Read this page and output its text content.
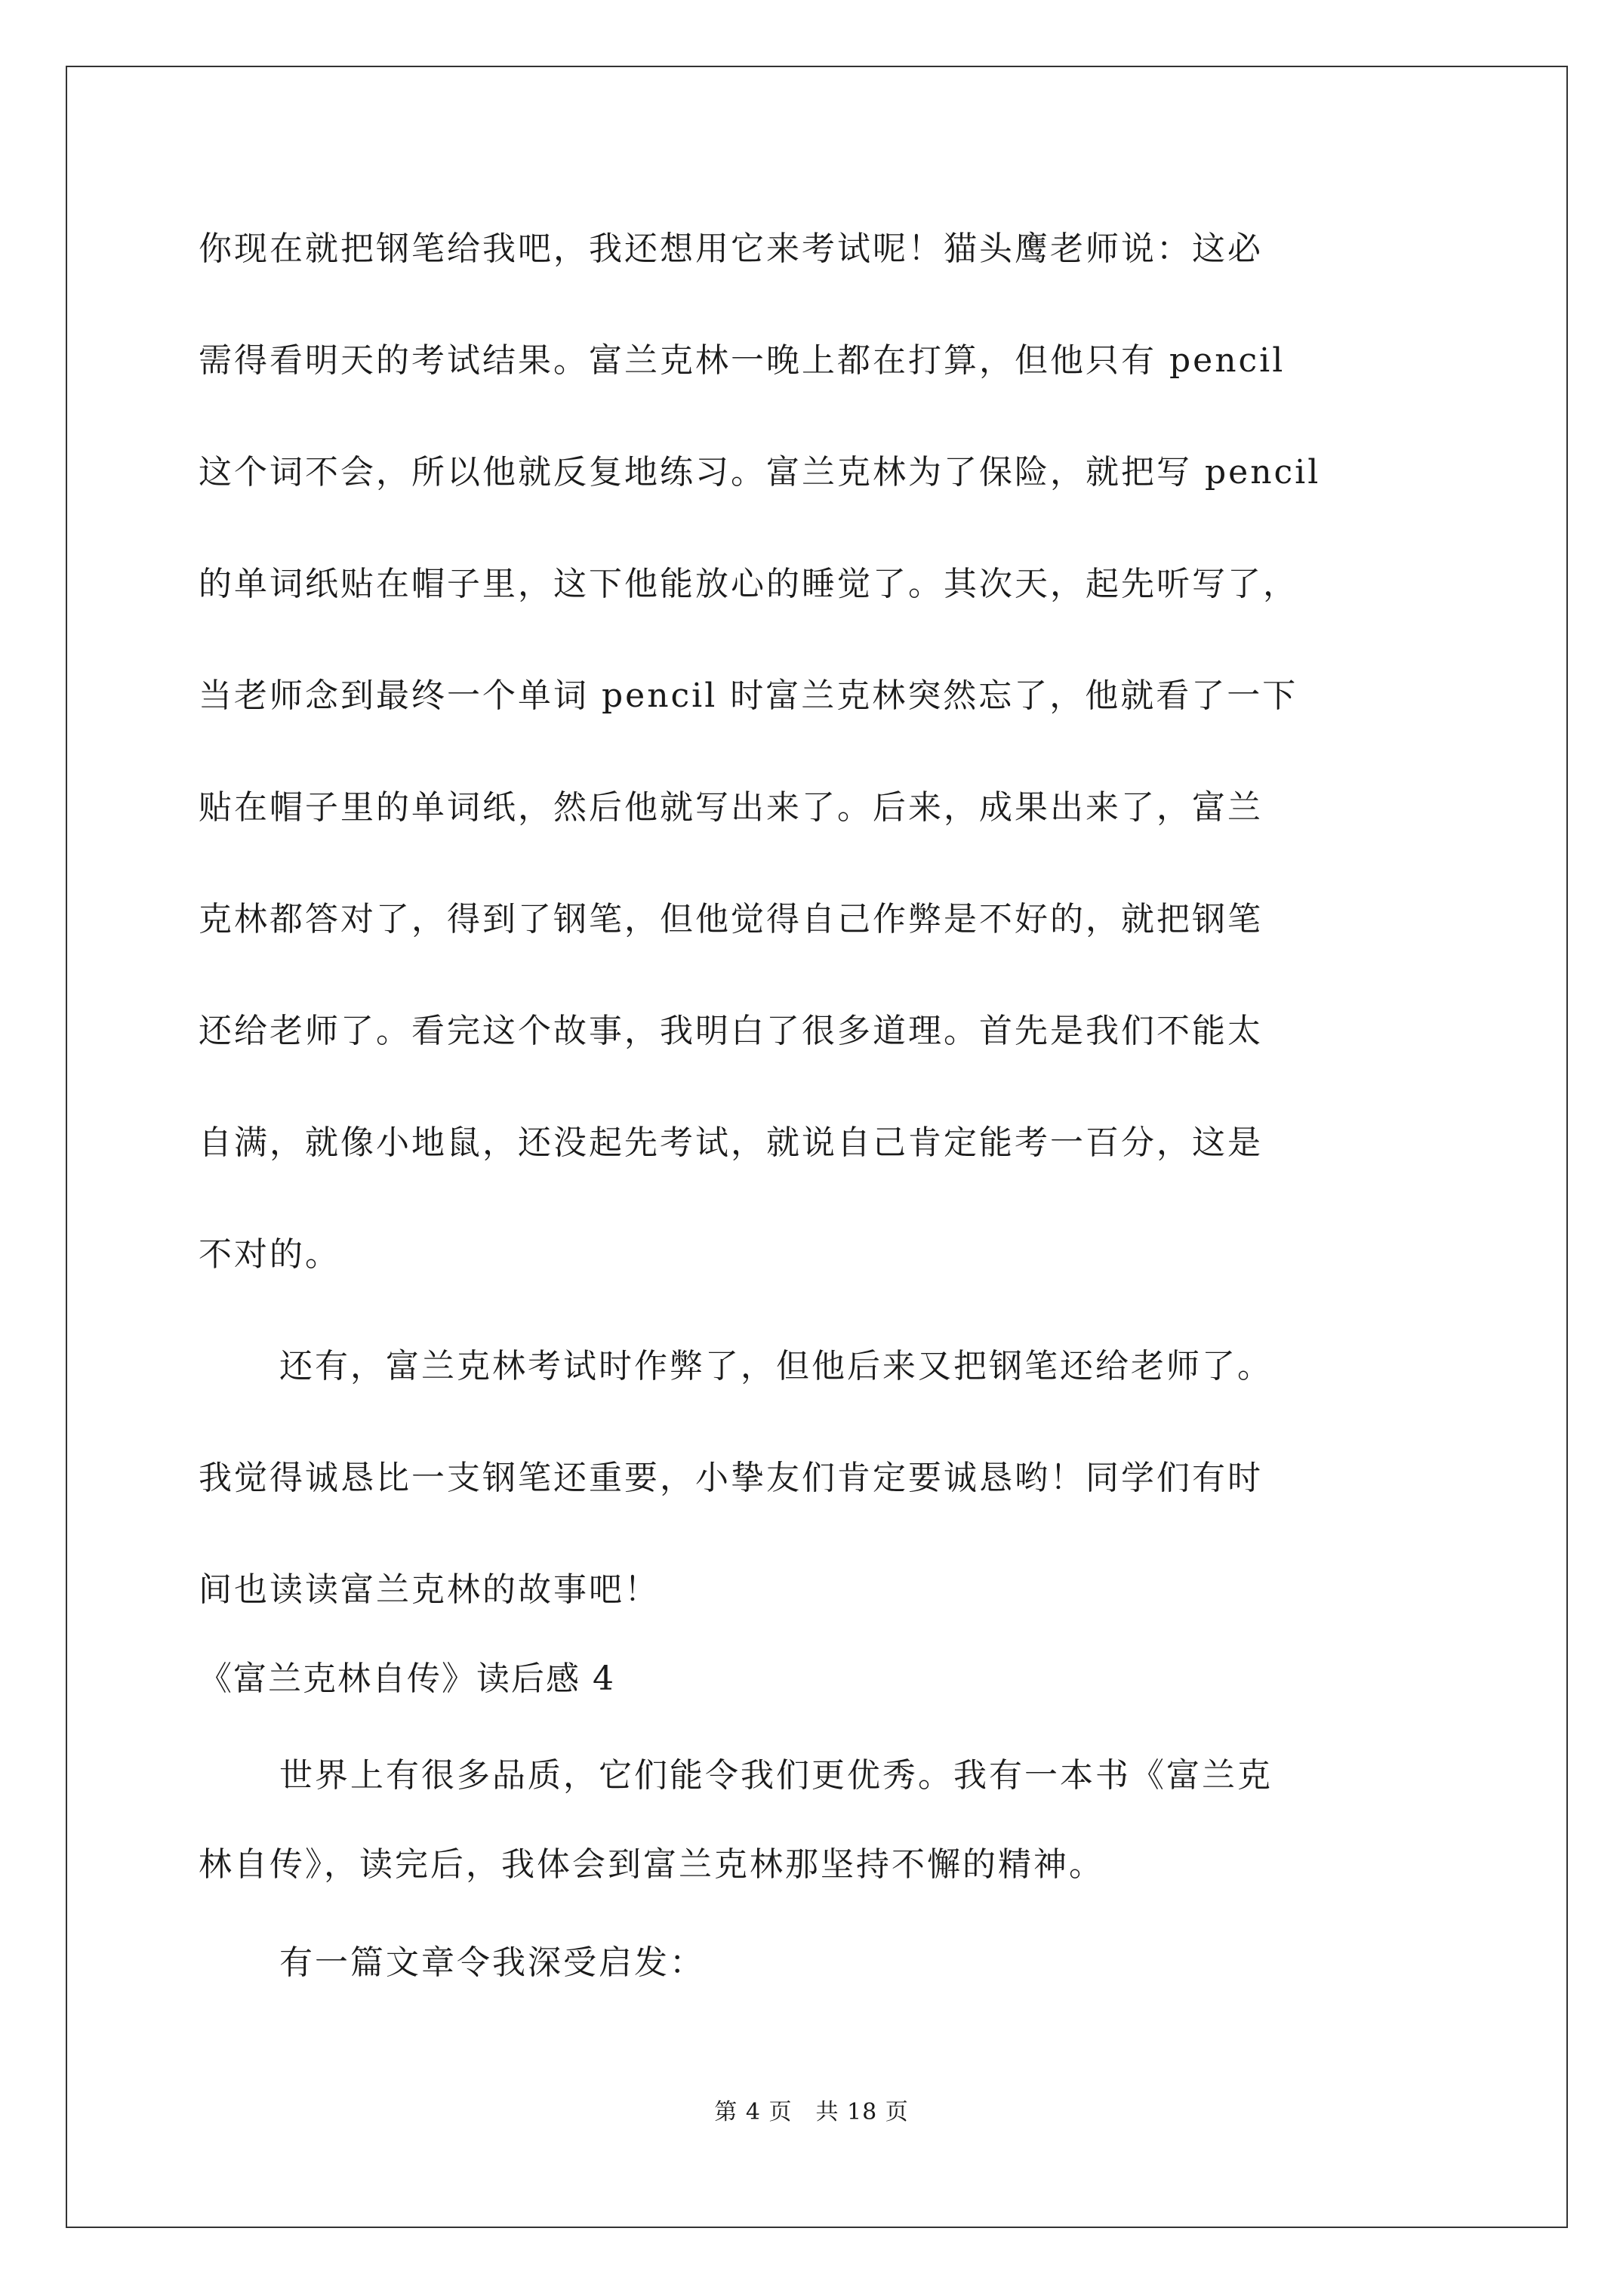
你现在就把钢笔给我吧，我还想用它来考试呢！猫头鹰老师说：这必
需得看明天的考试结果。富兰克林一晚上都在打算，但他只有 pencil
这个词不会，所以他就反复地练习。富兰克林为了保险，就把写 pencil
的单词纸贴在帽子里，这下他能放心的睡觉了。其次天，起先听写了，
当老师念到最终一个单词 pencil 时富兰克林突然忘了，他就看了一下
贴在帽子里的单词纸，然后他就写出来了。后来，成果出来了，富兰
克林都答对了，得到了钢笔，但他觉得自己作弊是不好的，就把钢笔
还给老师了。看完这个故事，我明白了很多道理。首先是我们不能太
自满，就像小地鼠，还没起先考试，就说自己肯定能考一百分，这是
不对的。
还有，富兰克林考试时作弊了，但他后来又把钢笔还给老师了。
我觉得诚恳比一支钢笔还重要，小挚友们肯定要诚恳哟！同学们有时
间也读读富兰克林的故事吧！
《富兰克林自传》读后感 4
世界上有很多品质，它们能令我们更优秀。我有一本书《富兰克
林自传》，读完后，我体会到富兰克林那坚持不懈的精神。
有一篇文章令我深受启发：
第 4 页　共 18 页
